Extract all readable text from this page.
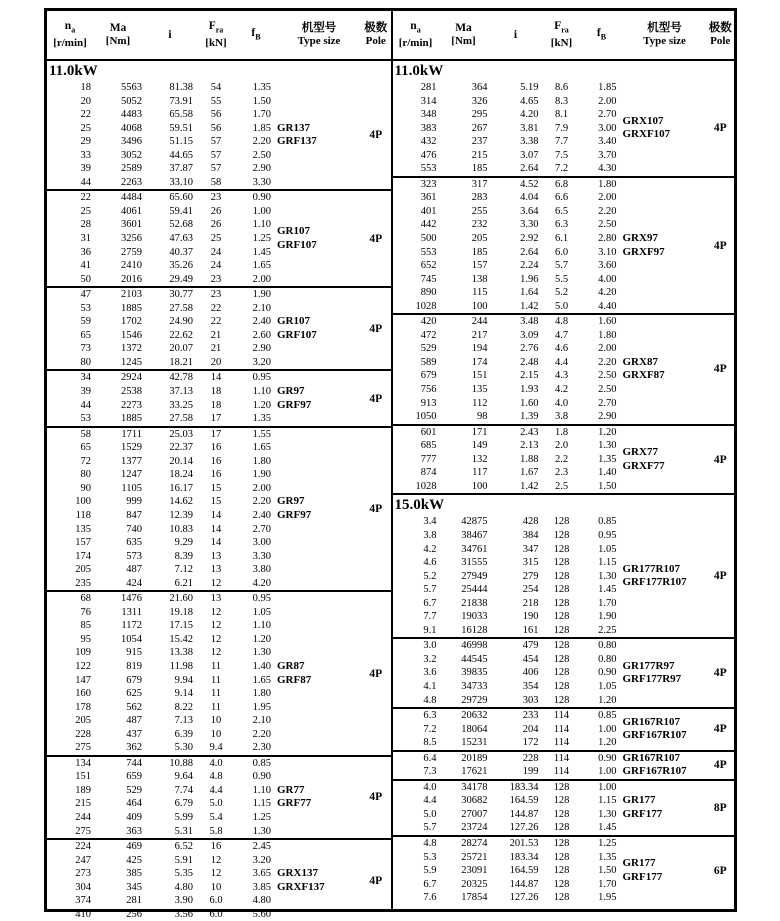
$n_a$
[r/min]
Ma
[Nm]
i
$F_{ra}$
[kN]
$f_B$
机型号
Type size
极数
Pole
11.0kW
18	5563	81.38	54	1.35
20	5052	73.91	55	1.50
22	4483	65.58	56	1.70
25	4068	59.51	56	1.85
29	3496	51.15	57	2.20
33	3052	44.65	57	2.50
39	2589	37.87	57	2.90
44	2263	33.10	58	3.30
GR137
GRF137	4P
22	4484	65.60	23	0.90
25	4061	59.41	26	1.00
28	3601	52.68	26	1.10
31	3256	47.63	25	1.25
36	2759	40.37	24	1.45
41	2410	35.26	24	1.65
50	2016	29.49	23	2.00
GR107
GRF107	4P
47	2103	30.77	23	1.90
53	1885	27.58	22	2.10
59	1702	24.90	22	2.40
65	1546	22.62	21	2.60
73	1372	20.07	21	2.90
80	1245	18.21	20	3.20
GR107
GRF107	4P
34	2924	42.78	14	0.95
39	2538	37.13	18	1.10
44	2273	33.25	18	1.20
53	1885	27.58	17	1.35
GR97
GRF97	4P
58	1711	25.03	17	1.55
65	1529	22.37	16	1.65
72	1377	20.14	16	1.80
80	1247	18.24	16	1.90
90	1105	16.17	15	2.00
100	999	14.62	15	2.20
118	847	12.39	14	2.40
135	740	10.83	14	2.70
157	635	9.29	14	3.00
174	573	8.39	13	3.30
205	487	7.12	13	3.80
235	424	6.21	12	4.20
GR97
GRF97	4P
68	1476	21.60	13	0.95
76	1311	19.18	12	1.05
85	1172	17.15	12	1.10
95	1054	15.42	12	1.20
109	915	13.38	12	1.30
122	819	11.98	11	1.40
147	679	9.94	11	1.65
160	625	9.14	11	1.80
178	562	8.22	11	1.95
205	487	7.13	10	2.10
228	437	6.39	10	2.20
275	362	5.30	9.4	2.30
GR87
GRF87	4P
134	744	10.88	4.0	0.85
151	659	9.64	4.8	0.90
189	529	7.74	4.4	1.10
215	464	6.79	5.0	1.15
244	409	5.99	5.4	1.25
275	363	5.31	5.8	1.30
GR77
GRF77	4P
224	469	6.52	16	2.45
247	425	5.91	12	3.20
273	385	5.35	12	3.65
304	345	4.80	10	3.85
374	281	3.90	6.0	4.80
410	256	3.56	6.0	5.60
GRX137
GRXF137	4P
$n_a$
[r/min]
Ma
[Nm]
i
$F_{ra}$
[kN]
$f_B$
机型号
Type size
极数
Pole
11.0kW
281	364	5.19	8.6	1.85
314	326	4.65	8.3	2.00
348	295	4.20	8.1	2.70
383	267	3.81	7.9	3.00
432	237	3.38	7.7	3.40
476	215	3.07	7.5	3.70
553	185	2.64	7.2	4.30
GRX107
GRXF107	4P
323	317	4.52	6.8	1.80
361	283	4.04	6.6	2.00
401	255	3.64	6.5	2.20
442	232	3.30	6.3	2.50
500	205	2.92	6.1	2.80
553	185	2.64	6.0	3.10
652	157	2.24	5.7	3.60
745	138	1.96	5.5	4.00
890	115	1.64	5.2	4.20
1028	100	1.42	5.0	4.40
GRX97
GRXF97	4P
420	244	3.48	4.8	1.60
472	217	3.09	4.7	1.80
529	194	2.76	4.6	2.00
589	174	2.48	4.4	2.20
679	151	2.15	4.3	2.50
756	135	1.93	4.2	2.50
913	112	1.60	4.0	2.70
1050	98	1.39	3.8	2.90
GRX87
GRXF87	4P
601	171	2.43	1.8	1.20
685	149	2.13	2.0	1.30
777	132	1.88	2.2	1.35
874	117	1.67	2.3	1.40
1028	100	1.42	2.5	1.50
GRX77
GRXF77	4P
15.0kW
3.4	42875	428	128	0.85
3.8	38467	384	128	0.95
4.2	34761	347	128	1.05
4.6	31555	315	128	1.15
5.2	27949	279	128	1.30
5.7	25444	254	128	1.45
6.7	21838	218	128	1.70
7.7	19033	190	128	1.90
9.1	16128	161	128	2.25
GR177R107
GRF177R107	4P
3.0	46998	479	128	0.80
3.2	44545	454	128	0.80
3.6	39835	406	128	0.90
4.1	34733	354	128	1.05
4.8	29729	303	128	1.20
GR177R97
GRF177R97	4P
6.3	20632	233	114	0.85
7.2	18064	204	114	1.00
8.5	15231	172	114	1.20
GR167R107
GRF167R107	4P
6.4	20189	228	114	0.90
7.3	17621	199	114	1.00
GR167R107
GRF167R107	4P
4.0	34178	183.34	128	1.00
4.4	30682	164.59	128	1.15
5.0	27007	144.87	128	1.30
5.7	23724	127.26	128	1.45
GR177
GRF177	8P
4.8	28274	201.53	128	1.25
5.3	25721	183.34	128	1.35
5.9	23091	164.59	128	1.50
6.7	20325	144.87	128	1.70
7.6	17854	127.26	128	1.95
GR177
GRF177	6P
